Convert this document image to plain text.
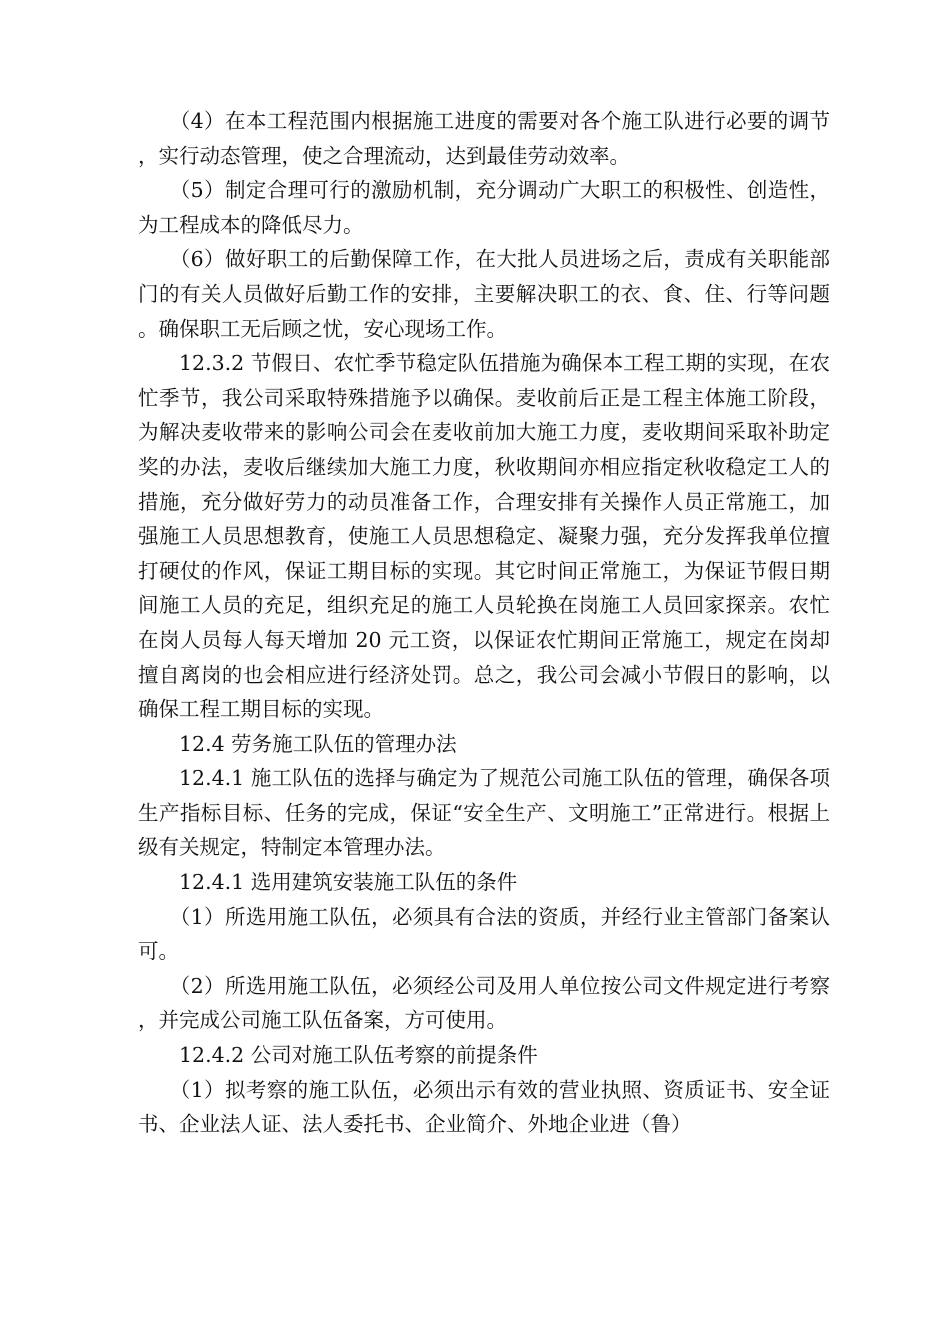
（4）在本工程范围内根据施工进度的需要对各个施工队进行必要的调节，实行动态管理，使之合理流动，达到最佳劳动效率。

（5）制定合理可行的激励机制，充分调动广大职工的积极性、创造性，为工程成本的降低尽力。

（6）做好职工的后勤保障工作，在大批人员进场之后，责成有关职能部门的有关人员做好后勤工作的安排，主要解决职工的衣、食、住、行等问题。确保职工无后顾之忧，安心现场工作。

12.3.2 节假日、农忙季节稳定队伍措施为确保本工程工期的实现，在农忙季节，我公司采取特殊措施予以确保。麦收前后正是工程主体施工阶段，为解决麦收带来的影响公司会在麦收前加大施工力度，麦收期间采取补助定奖的办法，麦收后继续加大施工力度，秋收期间亦相应指定秋收稳定工人的措施，充分做好劳力的动员准备工作，合理安排有关操作人员正常施工，加强施工人员思想教育，使施工人员思想稳定、凝聚力强，充分发挥我单位擅打硬仗的作风，保证工期目标的实现。其它时间正常施工，为保证节假日期间施工人员的充足，组织充足的施工人员轮换在岗施工人员回家探亲。农忙在岗人员每人每天增加 20 元工资，以保证农忙期间正常施工，规定在岗却擅自离岗的也会相应进行经济处罚。总之，我公司会减小节假日的影响，以确保工程工期目标的实现。

12.4 劳务施工队伍的管理办法

12.4.1 施工队伍的选择与确定为了规范公司施工队伍的管理，确保各项生产指标目标、任务的完成，保证“安全生产、文明施工”正常进行。根据上级有关规定，特制定本管理办法。

12.4.1 选用建筑安装施工队伍的条件

（1）所选用施工队伍，必须具有合法的资质，并经行业主管部门备案认可。

（2）所选用施工队伍，必须经公司及用人单位按公司文件规定进行考察，并完成公司施工队伍备案，方可使用。

12.4.2 公司对施工队伍考察的前提条件

（1）拟考察的施工队伍，必须出示有效的营业执照、资质证书、安全证书、企业法人证、法人委托书、企业简介、外地企业进（鲁）
